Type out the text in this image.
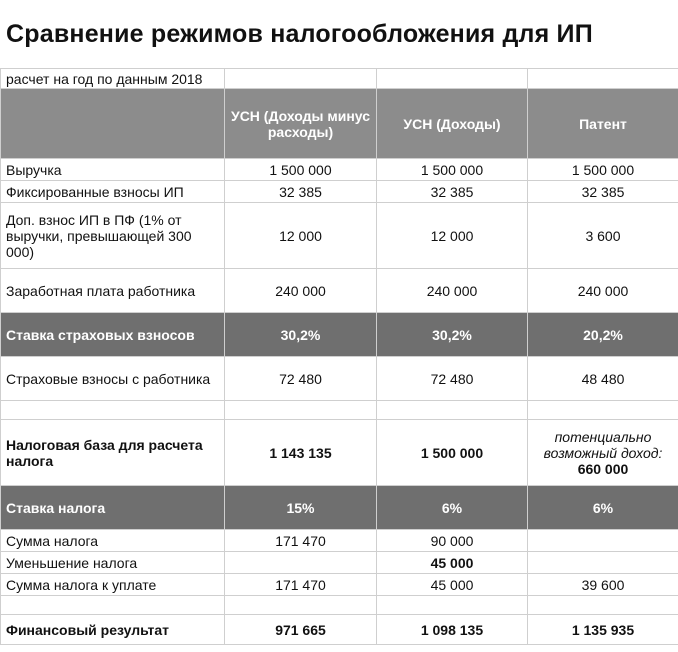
Сравнение режимов налогообложения для ИП
расчет на год по данным 2018			
	УСН (Доходы минус расходы)	УСН (Доходы)	Патент
Выручка	1 500 000	1 500 000	1 500 000
Фиксированные взносы ИП	32 385	32 385	32 385
Доп. взнос ИП в ПФ (1% от выручки, превышающей 300 000)	12 000	12 000	3 600
Заработная плата работника	240 000	240 000	240 000
Ставка страховых взносов	30,2%	30,2%	20,2%
Страховые взносы с работника	72 480	72 480	48 480

Налоговая база для расчета налога	1 143 135	1 500 000	потенциально возможный доход:
660 000

Ставка налога	15%	6%	6%
Сумма налога	171 470	90 000	
Уменьшение налога		45 000	
Сумма налога к уплате	171 470	45 000	39 600

Финансовый результат	971 665	1 098 135	1 135 935
